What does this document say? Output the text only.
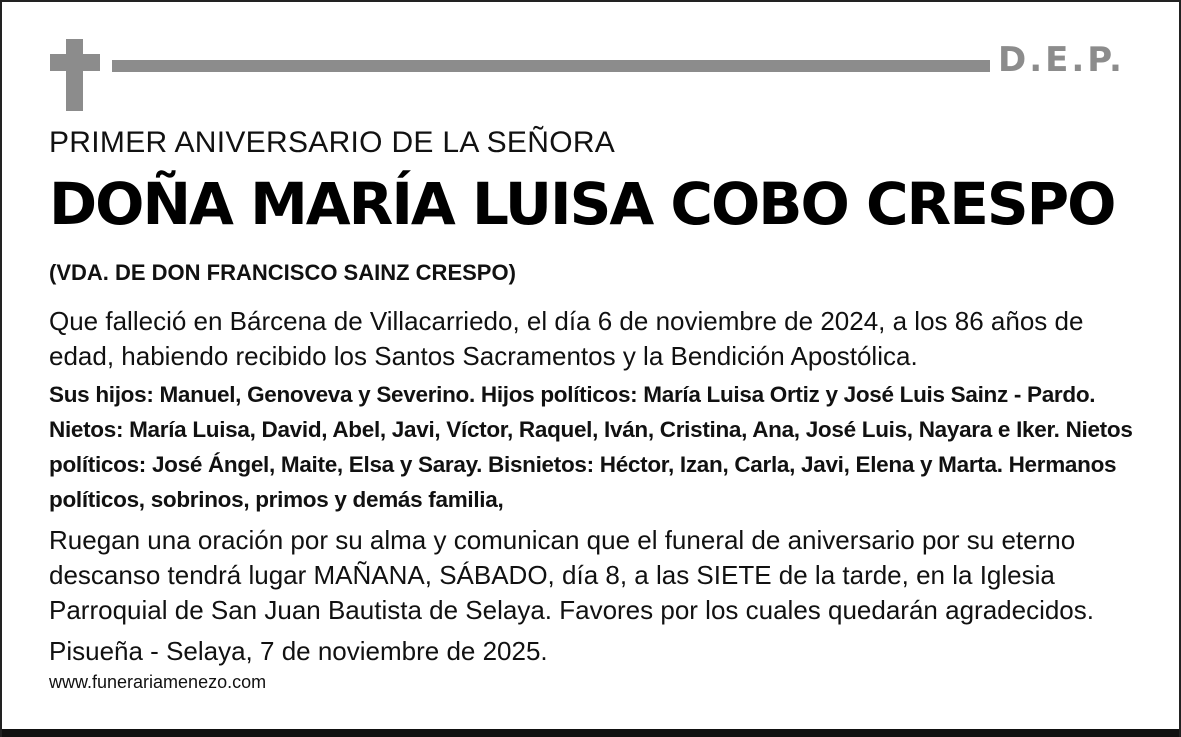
D.E.P.
PRIMER ANIVERSARIO DE LA SEÑORA
DOÑA MARÍA LUISA COBO CRESPO
(VDA. DE DON FRANCISCO SAINZ CRESPO)

Que falleció en Bárcena de Villacarriedo, el día 6 de noviembre de 2024, a los 86 años de edad, habiendo recibido los Santos Sacramentos y la Bendición Apostólica.

Sus hijos: Manuel, Genoveva y Severino. Hijos políticos: María Luisa Ortiz y José Luis Sainz - Pardo. Nietos: María Luisa, David, Abel, Javi, Víctor, Raquel, Iván, Cristina, Ana, José Luis, Nayara e Iker. Nietos políticos: José Ángel, Maite, Elsa y Saray. Bisnietos: Héctor, Izan, Carla, Javi, Elena y Marta. Hermanos políticos, sobrinos, primos y demás familia,

Ruegan una oración por su alma y comunican que el funeral de aniversario por su eterno descanso tendrá lugar MAÑANA, SÁBADO, día 8, a las SIETE de la tarde, en la Iglesia Parroquial de San Juan Bautista de Selaya. Favores por los cuales quedarán agradecidos.

Pisueña - Selaya, 7 de noviembre de 2025.
www.funerariamenezo.com
